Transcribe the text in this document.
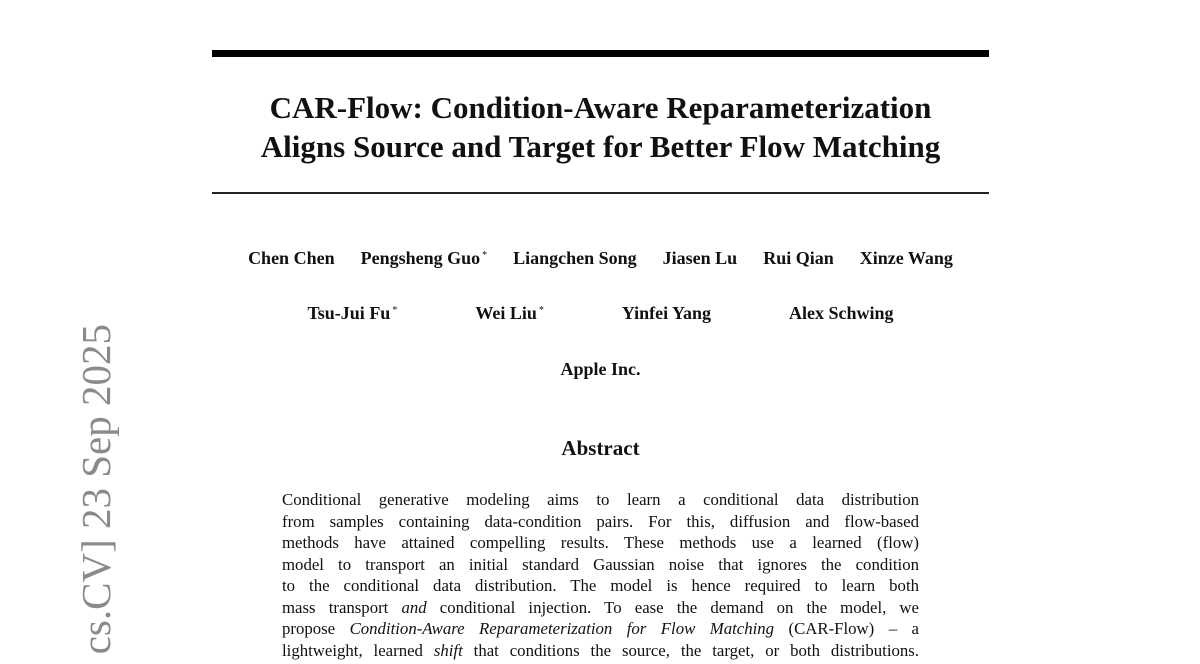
CAR-Flow: Condition-Aware Reparameterization
Aligns Source and Target for Better Flow Matching
Chen Chen Pengsheng Guo * Liangchen Song Jiasen Lu Rui Qian Xinze Wang
Tsu-Jui Fu *	Wei Liu *	Yinfei Yang	Alex Schwing
Apple Inc.
Abstract
Conditional generative modeling aims to learn a conditional data distribution
from samples containing data-condition pairs. For this, diffusion and flow-based
methods have attained compelling results. These methods use a learned (flow)
model to transport an initial standard Gaussian noise that ignores the condition
to the conditional data distribution. The model is hence required to learn both
mass transport and conditional injection. To ease the demand on the model, we
propose Condition-Aware Reparameterization for Flow Matching (CAR-Flow) – a
lightweight, learned shift that conditions the source, the target, or both distributions.
cs.CV] 23 Sep 2025
